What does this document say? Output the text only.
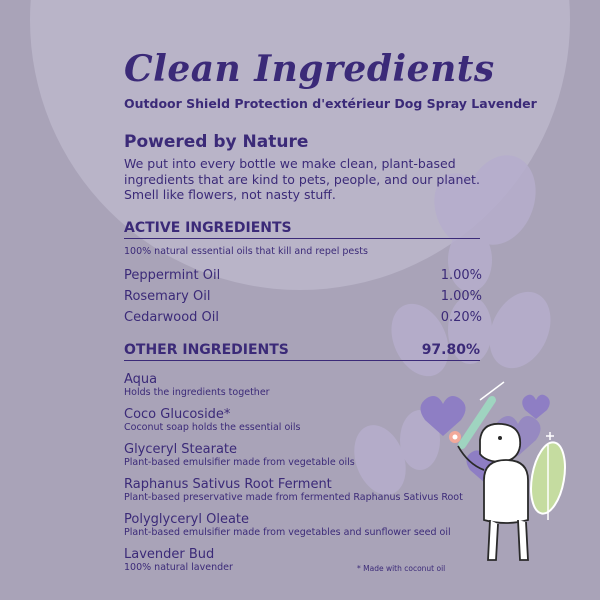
Clean Ingredients
Outdoor Shield Protection d'extérieur Dog Spray Lavender
Powered by Nature
We put into every bottle we make clean, plant-based ingredients that are kind to pets, people, and our planet. Smell like flowers, not nasty stuff.
ACTIVE INGREDIENTS
100% natural essential oils that kill and repel pests
Peppermint Oil	1.00%
Rosemary Oil	1.00%
Cedarwood Oil	0.20%
OTHER INGREDIENTS	97.80%
Aqua
Holds the ingredients together
Coco Glucoside*
Coconut soap holds the essential oils
Glyceryl Stearate
Plant-based emulsifier made from vegetable oils
Raphanus Sativus Root Ferment
Plant-based preservative made from fermented Raphanus Sativus Root
Polyglyceryl Oleate
Plant-based emulsifier made from vegetables and sunflower seed oil
Lavender Bud
100% natural lavender	* Made with coconut oil
